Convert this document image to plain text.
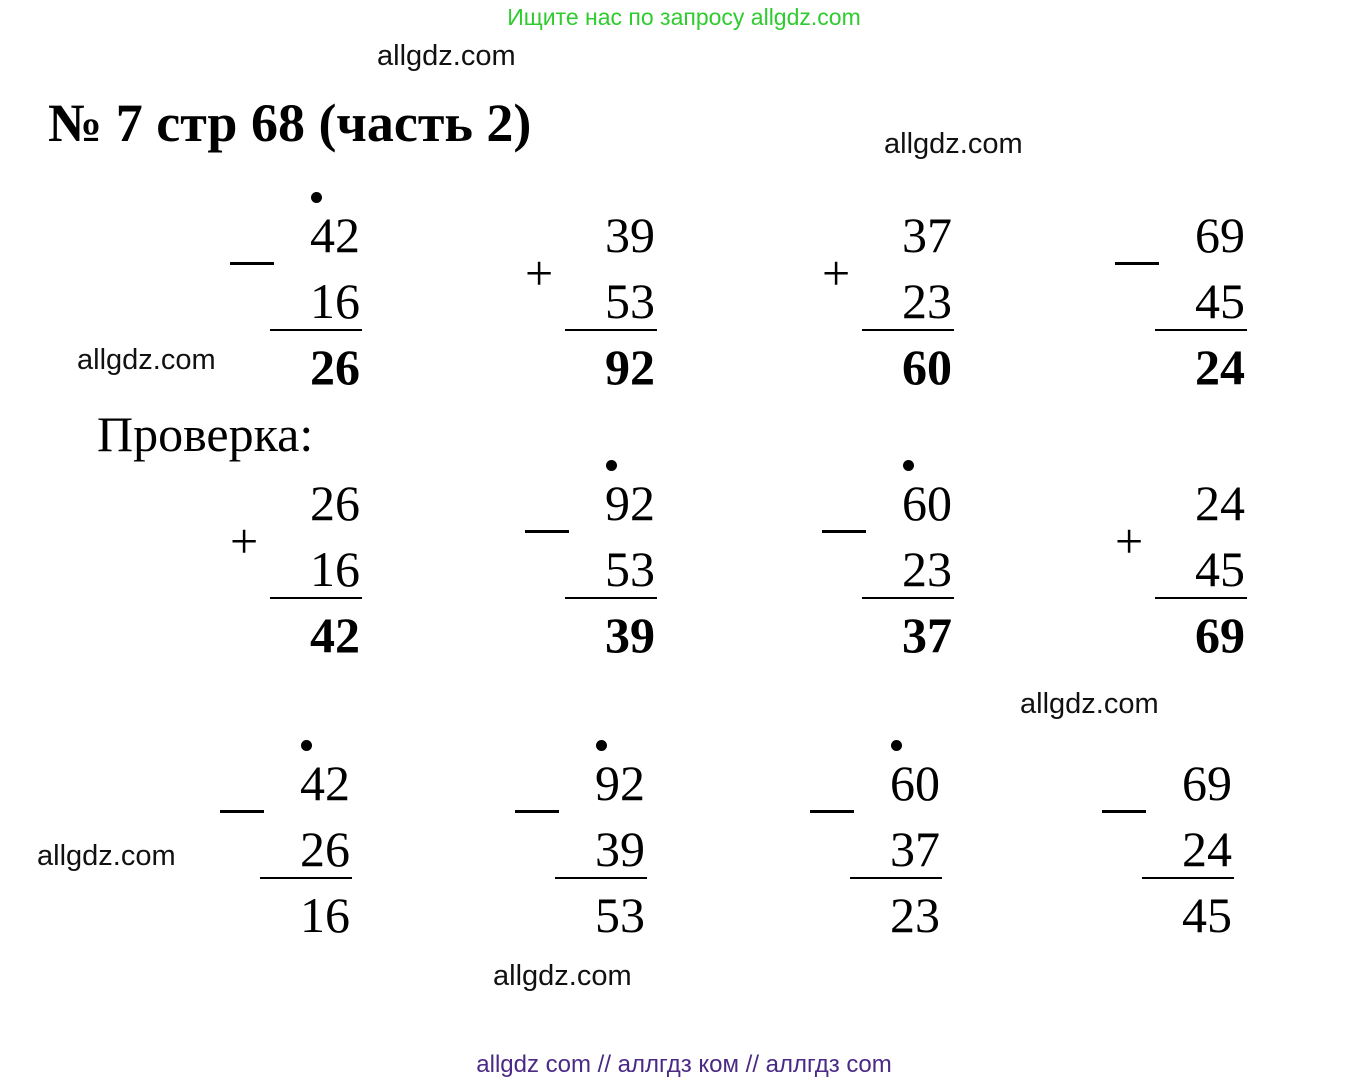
Ищите нас по запросу allgdz.com
allgdz.com
allgdz.com
allgdz.com
allgdz.com
allgdz.com
allgdz.com
№ 7 стр 68 (часть 2)
Проверка:
42
16
26
+
39
53
92
+
37
23
60
69
45
24
+
26
16
42
92
53
39
60
23
37
+
24
45
69
42
26
16
92
39
53
60
37
23
69
24
45
allgdz com // аллгдз ком // аллгдз com
